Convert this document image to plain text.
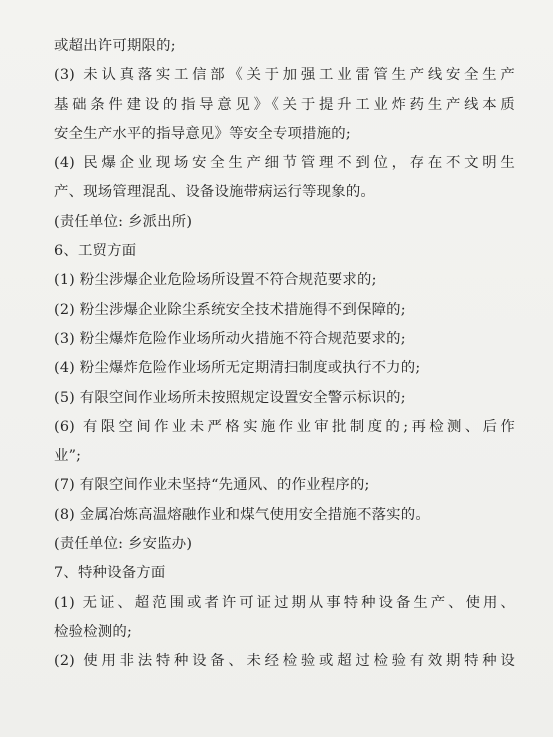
或超出许可期限的;
(3) 未认真落实工信部《关于加强工业雷管生产线安全生产
基础条件建设的指导意见》《关于提升工业炸药生产线本质
安全生产水平的指导意见》等安全专项措施的;
(4) 民爆企业现场安全生产细节管理不到位，存在不文明生
产、现场管理混乱、设备设施带病运行等现象的。
(责任单位: 乡派出所)
6、工贸方面
(1) 粉尘涉爆企业危险场所设置不符合规范要求的;
(2) 粉尘涉爆企业除尘系统安全技术措施得不到保障的;
(3) 粉尘爆炸危险作业场所动火措施不符合规范要求的;
(4) 粉尘爆炸危险作业场所无定期清扫制度或执行不力的;
(5) 有限空间作业场所未按照规定设置安全警示标识的;
(6) 有限空间作业未严格实施作业审批制度的;再检测、后作
业”;
(7) 有限空间作业未坚持“先通风、的作业程序的;
(8) 金属冶炼高温熔融作业和煤气使用安全措施不落实的。
(责任单位: 乡安监办)
7、特种设备方面
(1) 无证、超范围或者许可证过期从事特种设备生产、使用、
检验检测的;
(2) 使用非法特种设备、未经检验或超过检验有效期特种设
